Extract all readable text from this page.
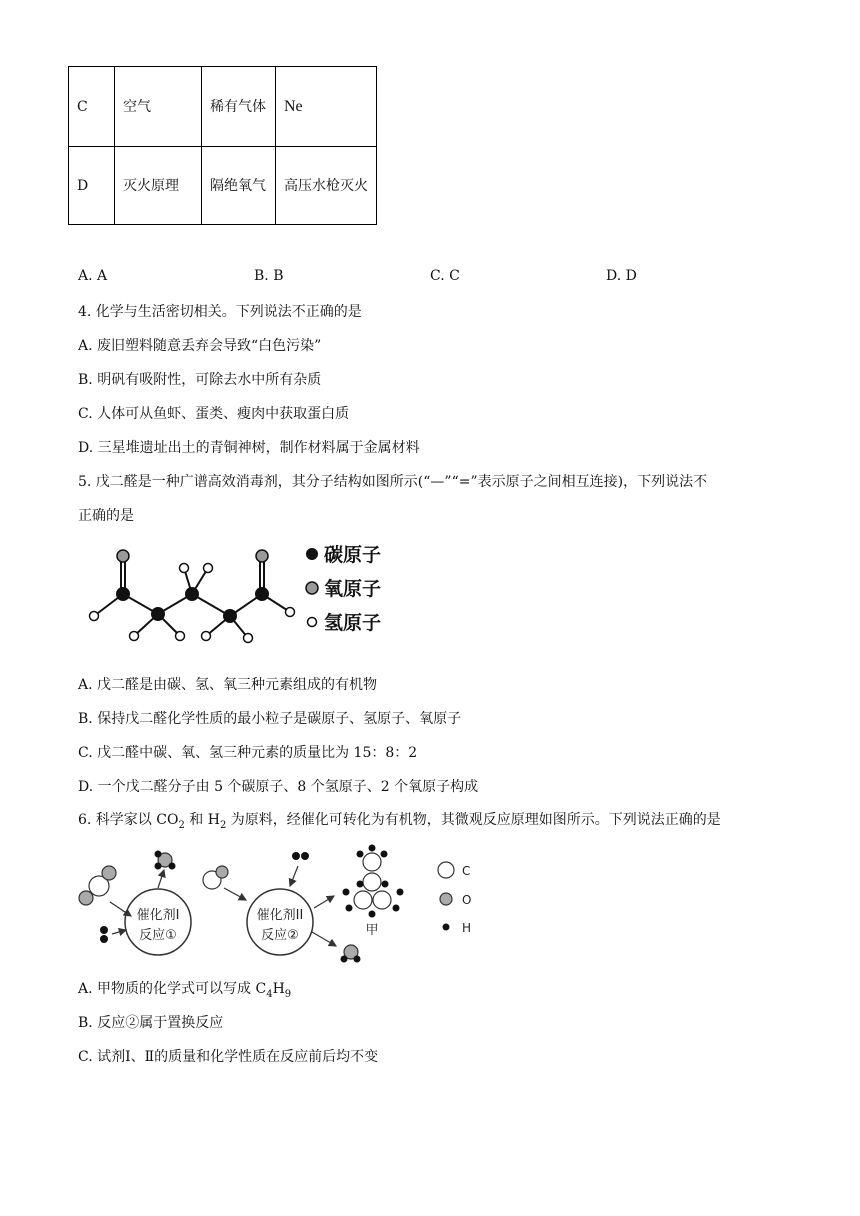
C	空气	稀有气体	Ne
D	灭火原理	隔绝氧气	高压水枪灭火
A. A	B. B	C. C	D. D
4. 化学与生活密切相关。下列说法不正确的是
A. 废旧塑料随意丢弃会导致“白色污染”
B. 明矾有吸附性，可除去水中所有杂质
C. 人体可从鱼虾、蛋类、瘦肉中获取蛋白质
D. 三星堆遗址出土的青铜神树，制作材料属于金属材料
5. 戊二醛是一种广谱高效消毒剂，其分子结构如图所示(“—”“=”表示原子之间相互连接)，下列说法不
正确的是
碳原子
氧原子
氢原子
A. 戊二醛是由碳、氢、氧三种元素组成的有机物
B. 保持戊二醛化学性质的最小粒子是碳原子、氢原子、氧原子
C. 戊二醛中碳、氧、氢三种元素的质量比为 15：8：2
D. 一个戊二醛分子由 5 个碳原子、8 个氢原子、2 个氧原子构成
6. 科学家以 $CO_2$ 和 $H_2$ 为原料，经催化可转化为有机物，其微观反应原理如图所示。下列说法正确的是
催化剂I
反应①
催化剂II
反应②	甲
C
O
H
A. 甲物质的化学式可以写成 $C_4H_9$
B. 反应②属于置换反应
C. 试剂Ⅰ、Ⅱ的质量和化学性质在反应前后均不变
